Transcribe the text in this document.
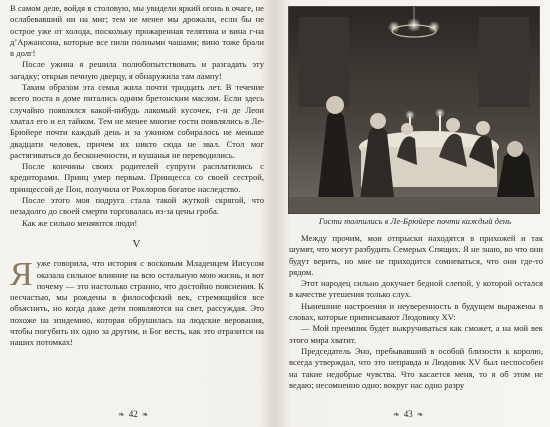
В самом деле, войдя в столовую, мы увидели яркий огонь в очаге, не ослабевавший ни на миг; тем не менее мы дрожали, если бы не острое уже от холода, поскольку прожаренная телятина и вина г-на д’Аржансона, которые все пили полными чашами; вино тоже брали в долг!

После ужина я решила полюбопытствовать и разгадать эту загадку; открыв печную дверцу, я обнаружила там лампу!

Таким образом эта семья жила почти тридцать лет. В течение всего поста в доме питались одним бретонским маслом. Если здесь случайно появлялся какой-нибудь лакомый кусочек, г-н де Леон хватал его и ел тайком. Тем не менее многие гости появлялись в Ле-Брюйере почти каждый день и за ужином собиралось не меньше двадцати человек, причем их никто сюда не звал. Стол мог растягиваться до бесконечности, и кушанья не переводились.

После кончины своих родителей супруги расплатились с кредиторами. Принц умер первым. Принцесса со своей сестрой, принцессой де Пон, получила от Рохлоров богатое наследство.

После этого моя подруга стала такой жуткой скрягой, что незадолго до своей смерти торговалась из-за цены гроба.

Как же сильно меняются люди!

V

Я уже говорила, что история с восковым Младенцем Иисусом оказала сильное влияние на всю остальную мою жизнь, и вот почему — это настолько странно, что достойно пояснения. К несчастью, мы рождены в философский век, стремящийся все объяснить, но когда даже дети появляются на свет, рассуждая. Это похоже на эпидемию, которая обрушилась на людские верования, чтобы погубить их одно за другим, и Бог весть, как это отразится на наших потомках!

❧ 42 ❧
Гости толпились в Ле-Брюйере почти каждый день

Между прочим, мои отпрыски находятся в прихожей и так шумят, что могут разбудить Семерых Спящих. Я не знаю, во что они будут верить, но мне не приходится сомневаться, что они где-то рядом.

Этот народец сильно докучает бедной слепой, у которой остался в качестве утешения только слух.

Нынешние настроения и неуверенность в будущем выражены в словах, которые приписывают Людовику XV:

— Мой преемник будет выкручиваться как сможет, а на мой век этого мира хватит.

Председатель Эно, пребывавший в особой близости к королю, всегда утверждал, что это неправда и Людовик XV был неспособен на такие недобрые чувства. Что касается меня, то я об этом не ведаю; несомненно одно: вокруг нас одно разру

❧ 43 ❧
